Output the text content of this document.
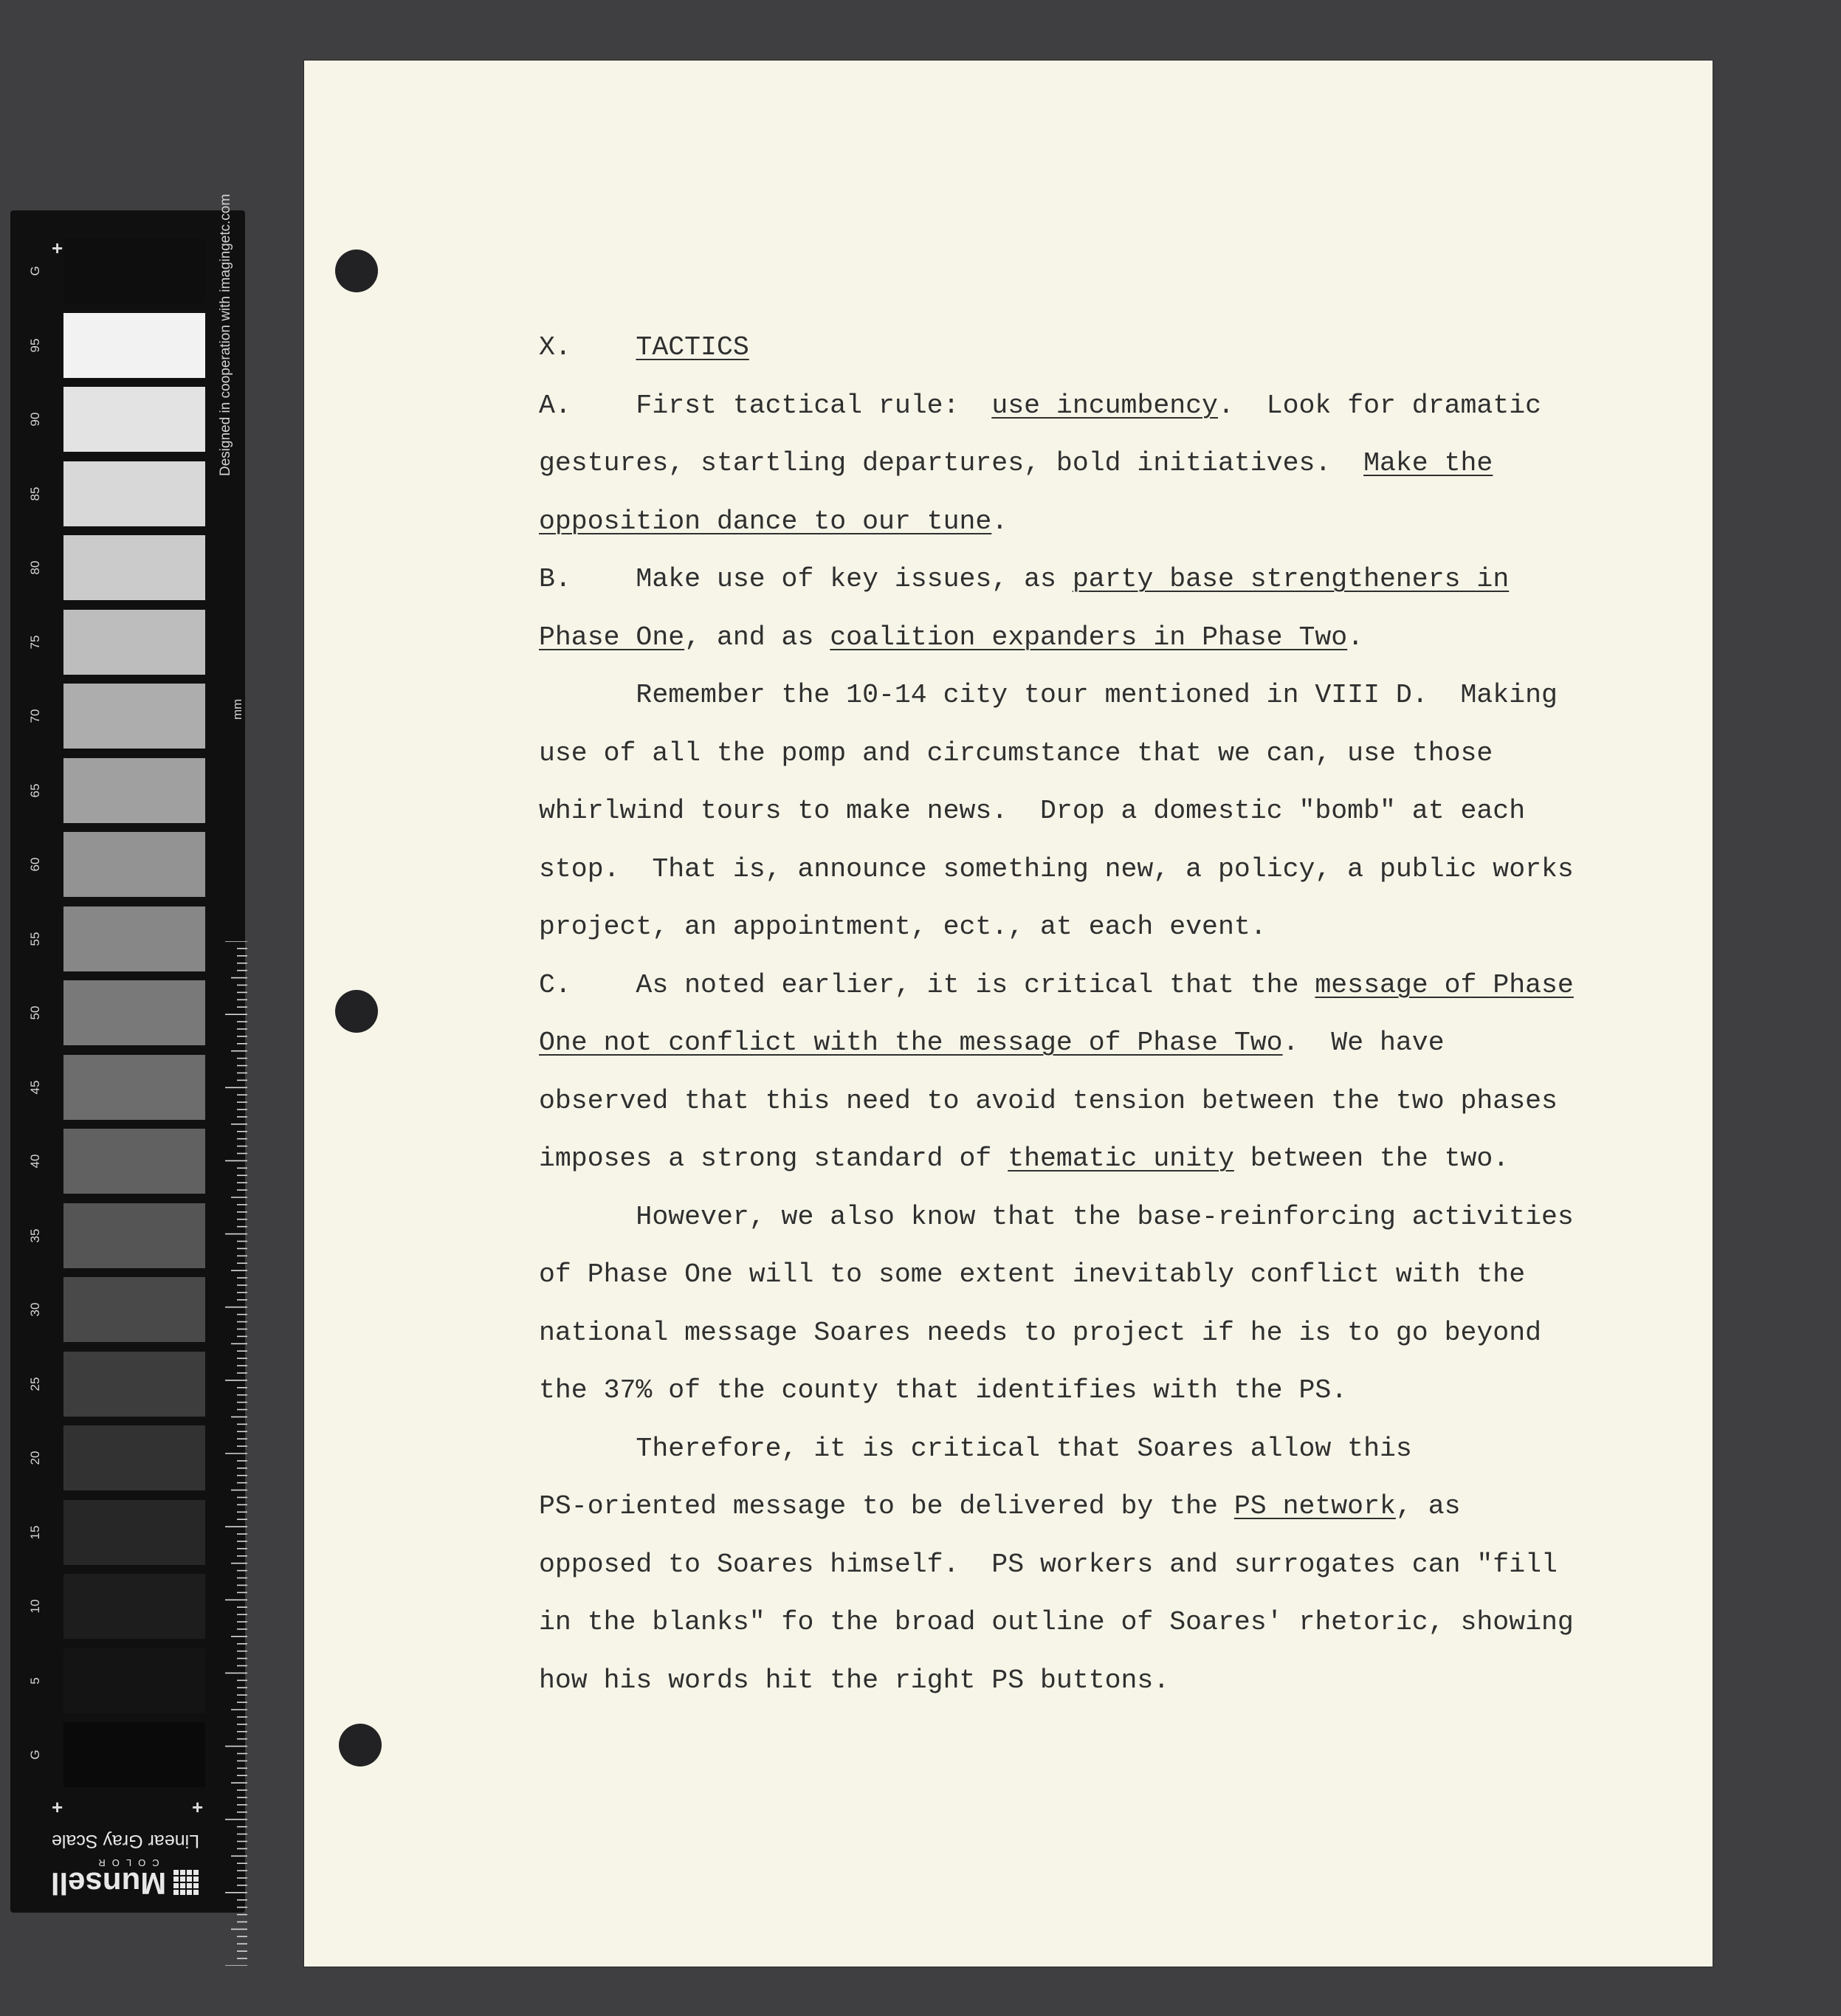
+
+	+
G
95
90
85
80
75
70
65
60
55
50
45
40
35
30
25
20
15
10
5
G
Designed in cooperation with imagingetc.com
mm
Munsell
COLOR
Linear Gray Scale
X.    TACTICS
A.    First tactical rule:  use incumbency.  Look for dramatic
gestures, startling departures, bold initiatives.  Make the
opposition dance to our tune.
B.    Make use of key issues, as party base strengtheners in
Phase One, and as coalition expanders in Phase Two.
Remember the 10-14 city tour mentioned in VIII D.  Making
use of all the pomp and circumstance that we can, use those
whirlwind tours to make news.  Drop a domestic "bomb" at each
stop.  That is, announce something new, a policy, a public works
project, an appointment, ect., at each event.
C.    As noted earlier, it is critical that the message of Phase
One not conflict with the message of Phase Two.  We have
observed that this need to avoid tension between the two phases
imposes a strong standard of thematic unity between the two.
However, we also know that the base-reinforcing activities
of Phase One will to some extent inevitably conflict with the
national message Soares needs to project if he is to go beyond
the 37% of the county that identifies with the PS.
Therefore, it is critical that Soares allow this
PS-oriented message to be delivered by the PS network, as
opposed to Soares himself.  PS workers and surrogates can "fill
in the blanks" fo the broad outline of Soares' rhetoric, showing
how his words hit the right PS buttons.
